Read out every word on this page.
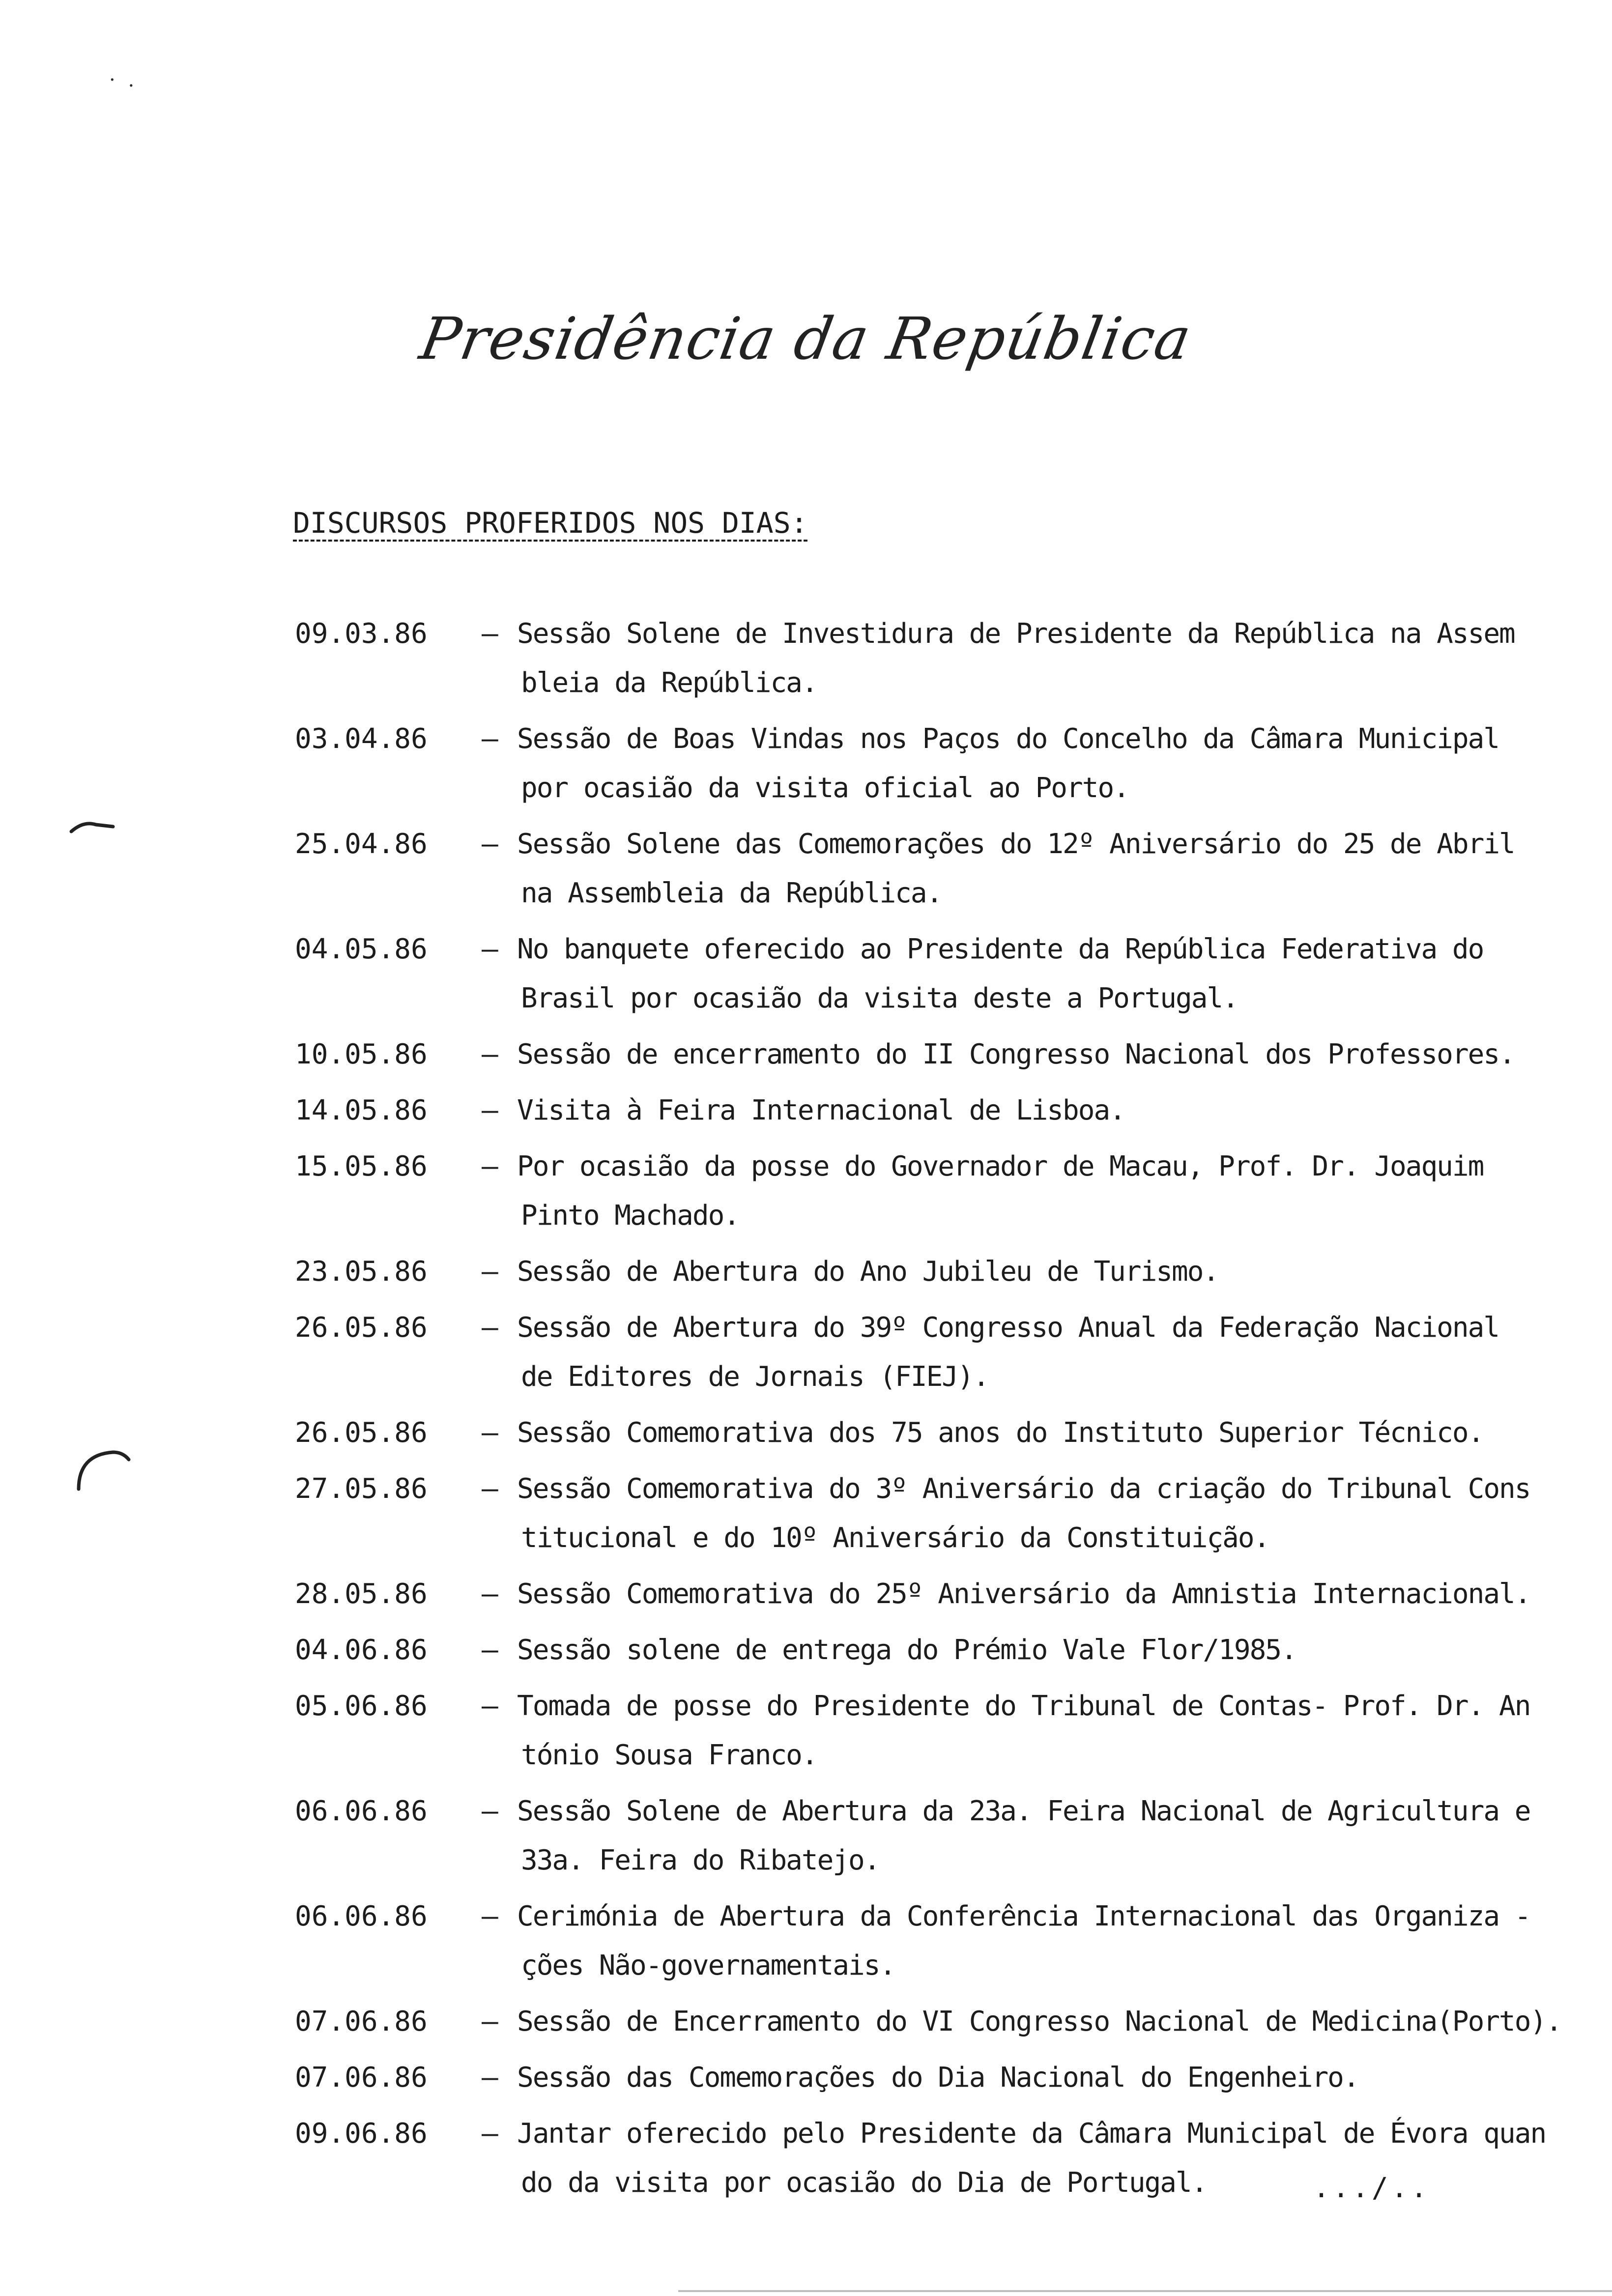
·  ․
Presidência da República
DISCURSOS PROFERIDOS NOS DIAS:
09.03.86	– Sessão Solene de Investidura de Presidente da República na Assem
bleia da República.
03.04.86	– Sessão de Boas Vindas nos Paços do Concelho da Câmara Municipal
por ocasião da visita oficial ao Porto.
25.04.86	– Sessão Solene das Comemorações do 12º Aniversário do 25 de Abril
na Assembleia da República.
04.05.86	– No banquete oferecido ao Presidente da República Federativa do
Brasil por ocasião da visita deste a Portugal.
10.05.86	– Sessão de encerramento do II Congresso Nacional dos Professores.
14.05.86	– Visita à Feira Internacional de Lisboa.
15.05.86	– Por ocasião da posse do Governador de Macau, Prof. Dr. Joaquim
Pinto Machado.
23.05.86	– Sessão de Abertura do Ano Jubileu de Turismo.
26.05.86	– Sessão de Abertura do 39º Congresso Anual da Federação Nacional
de Editores de Jornais (FIEJ).
26.05.86	– Sessão Comemorativa dos 75 anos do Instituto Superior Técnico.
27.05.86	– Sessão Comemorativa do 3º Aniversário da criação do Tribunal Cons
titucional e do 10º Aniversário da Constituição.
28.05.86	– Sessão Comemorativa do 25º Aniversário da Amnistia Internacional.
04.06.86	– Sessão solene de entrega do Prémio Vale Flor/1985.
05.06.86	– Tomada de posse do Presidente do Tribunal de Contas- Prof. Dr. An
tónio Sousa Franco.
06.06.86	– Sessão Solene de Abertura da 23a. Feira Nacional de Agricultura e
33a. Feira do Ribatejo.
06.06.86	– Cerimónia de Abertura da Conferência Internacional das Organiza -
ções Não-governamentais.
07.06.86	– Sessão de Encerramento do VI Congresso Nacional de Medicina(Porto).
07.06.86	– Sessão das Comemorações do Dia Nacional do Engenheiro.
09.06.86	– Jantar oferecido pelo Presidente da Câmara Municipal de Évora quan
do da visita por ocasião do Dia de Portugal.	.../..
